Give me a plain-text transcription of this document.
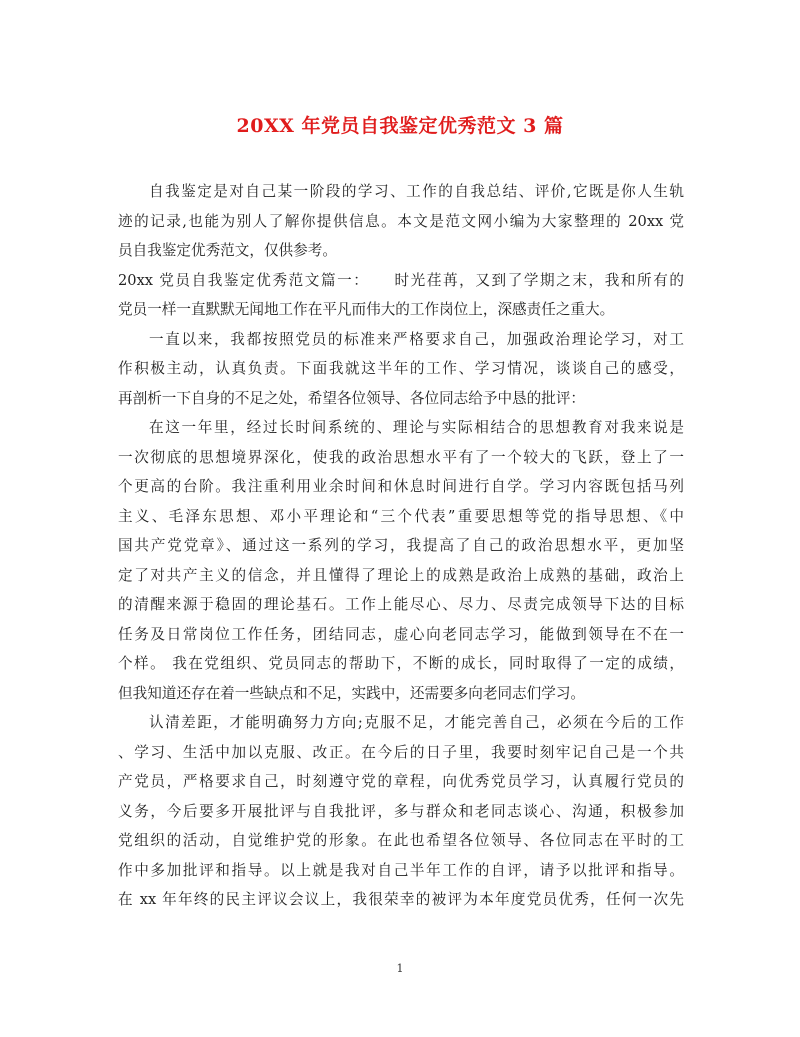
20XX 年党员自我鉴定优秀范文 3 篇
自我鉴定是对自己某一阶段的学习、工作的自我总结、评价,它既是你人生轨
迹的记录,也能为别人了解你提供信息。本文是范文网小编为大家整理的 20xx 党
员自我鉴定优秀范文，仅供参考。
20xx 党员自我鉴定优秀范文篇一：　　时光荏苒，又到了学期之末，我和所有的
党员一样一直默默无闻地工作在平凡而伟大的工作岗位上，深感责任之重大。
一直以来，我都按照党员的标准来严格要求自己，加强政治理论学习，对工
作积极主动，认真负责。下面我就这半年的工作、学习情况，谈谈自己的感受，
再剖析一下自身的不足之处，希望各位领导、各位同志给予中恳的批评：
在这一年里，经过长时间系统的、理论与实际相结合的思想教育对我来说是
一次彻底的思想境界深化，使我的政治思想水平有了一个较大的飞跃，登上了一
个更高的台阶。我注重利用业余时间和休息时间进行自学。学习内容既包括马列
主义、毛泽东思想、邓小平理论和“三个代表”重要思想等党的指导思想、《中
国共产党党章》、通过这一系列的学习，我提高了自己的政治思想水平，更加坚
定了对共产主义的信念，并且懂得了理论上的成熟是政治上成熟的基础，政治上
的清醒来源于稳固的理论基石。工作上能尽心、尽力、尽责完成领导下达的目标
任务及日常岗位工作任务，团结同志，虚心向老同志学习，能做到领导在不在一
个样。 我在党组织、党员同志的帮助下，不断的成长，同时取得了一定的成绩，
但我知道还存在着一些缺点和不足，实践中，还需要多向老同志们学习。
认清差距，才能明确努力方向;克服不足，才能完善自己，必须在今后的工作
、学习、生活中加以克服、改正。在今后的日子里，我要时刻牢记自己是一个共
产党员，严格要求自己，时刻遵守党的章程，向优秀党员学习，认真履行党员的
义务，今后要多开展批评与自我批评，多与群众和老同志谈心、沟通，积极参加
党组织的活动，自觉维护党的形象。在此也希望各位领导、各位同志在平时的工
作中多加批评和指导。以上就是我对自己半年工作的自评，请予以批评和指导。
在 xx 年年终的民主评议会议上，我很荣幸的被评为本年度党员优秀，任何一次先
1
